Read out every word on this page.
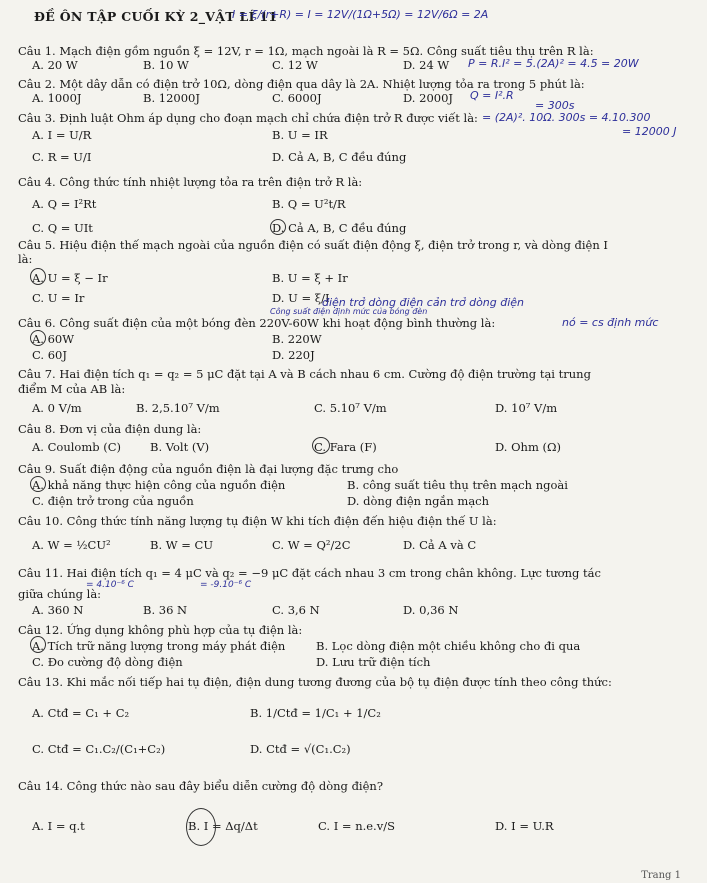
ĐỀ ÔN TẬP CUỐI KỲ 2_VẬT LÍ 11
I = ξ/(r+R) = I = 12V/(1Ω+5Ω) = 12V/6Ω = 2A
Câu 1. Mạch điện gồm nguồn ξ = 12V, r = 1Ω, mạch ngoài là R = 5Ω. Công suất tiêu thụ trên R là:
A. 20 W	B. 10 W	C. 12 W	D. 24 W P = R.I² = 5.(2A)² = 4.5 = 20W
Câu 2. Một dây dẫn có điện trở 10Ω, dòng điện qua dây là 2A. Nhiệt lượng tỏa ra trong 5 phút là:
A. 1000J	B. 12000J	C. 6000J	D. 2000J Q = I².R
= 300s
Câu 3. Định luật Ohm áp dụng cho đoạn mạch chỉ chứa điện trở R được viết là: = (2A)². 10Ω. 300s = 4.10.300
= 12000 J
A. I = U/R	B. U = IR
C. R = U/I	D. Cả A, B, C đều đúng
Câu 4. Công thức tính nhiệt lượng tỏa ra trên điện trở R là:
A. Q = I²Rt	B. Q = U²t/R
C. Q = UIt	D. Cả A, B, C đều đúng
Câu 5. Hiệu điện thế mạch ngoài của nguồn điện có suất điện động ξ, điện trở trong r, và dòng điện I
là:
A. U = ξ − Ir	B. U = ξ + Ir
C. U = Ir	D. U = ξ/I
điện trở dòng điện cản trở dòng điện
Công suất điện định mức của bóng đèn
Câu 6. Công suất điện của một bóng đèn 220V-60W khi hoạt động bình thường là:	nó = cs định mức
A. 60W	B. 220W
C. 60J	D. 220J
Câu 7. Hai điện tích q₁ = q₂ = 5 μC đặt tại A và B cách nhau 6 cm. Cường độ điện trường tại trung
điểm M của AB là:
A. 0 V/m	B. 2,5.10⁷ V/m	C. 5.10⁷ V/m	D. 10⁷ V/m
Câu 8. Đơn vị của điện dung là:
A. Coulomb (C)	B. Volt (V)	C. Fara (F)	D. Ohm (Ω)
Câu 9. Suất điện động của nguồn điện là đại lượng đặc trưng cho
A. khả năng thực hiện công của nguồn điện	B. công suất tiêu thụ trên mạch ngoài
C. điện trở trong của nguồn	D. dòng điện ngắn mạch
Câu 10. Công thức tính năng lượng tụ điện W khi tích điện đến hiệu điện thế U là:
A. W = ½CU²	B. W = CU	C. W = Q²/2C	D. Cả A và C
Câu 11. Hai điện tích q₁ = 4 μC và q₂ = −9 μC đặt cách nhau 3 cm trong chân không. Lực tương tác
= 4.10⁻⁶ C	= -9.10⁻⁶ C
giữa chúng là:
A. 360 N	B. 36 N	C. 3,6 N	D. 0,36 N
Câu 12. Ứng dụng không phù hợp của tụ điện là:
A. Tích trữ năng lượng trong máy phát điện	B. Lọc dòng điện một chiều không cho đi qua
C. Đo cường độ dòng điện	D. Lưu trữ điện tích
Câu 13. Khi mắc nối tiếp hai tụ điện, điện dung tương đương của bộ tụ điện được tính theo công thức:
A. Ctđ = C₁ + C₂	B. 1/Ctđ = 1/C₁ + 1/C₂
C. Ctđ = C₁.C₂/(C₁+C₂)	D. Ctđ = √(C₁.C₂)
Câu 14. Công thức nào sau đây biểu diễn cường độ dòng điện?
A. I = q.t	B. I = Δq/Δt	C. I = n.e.v/S	D. I = U.R
Trang 1
